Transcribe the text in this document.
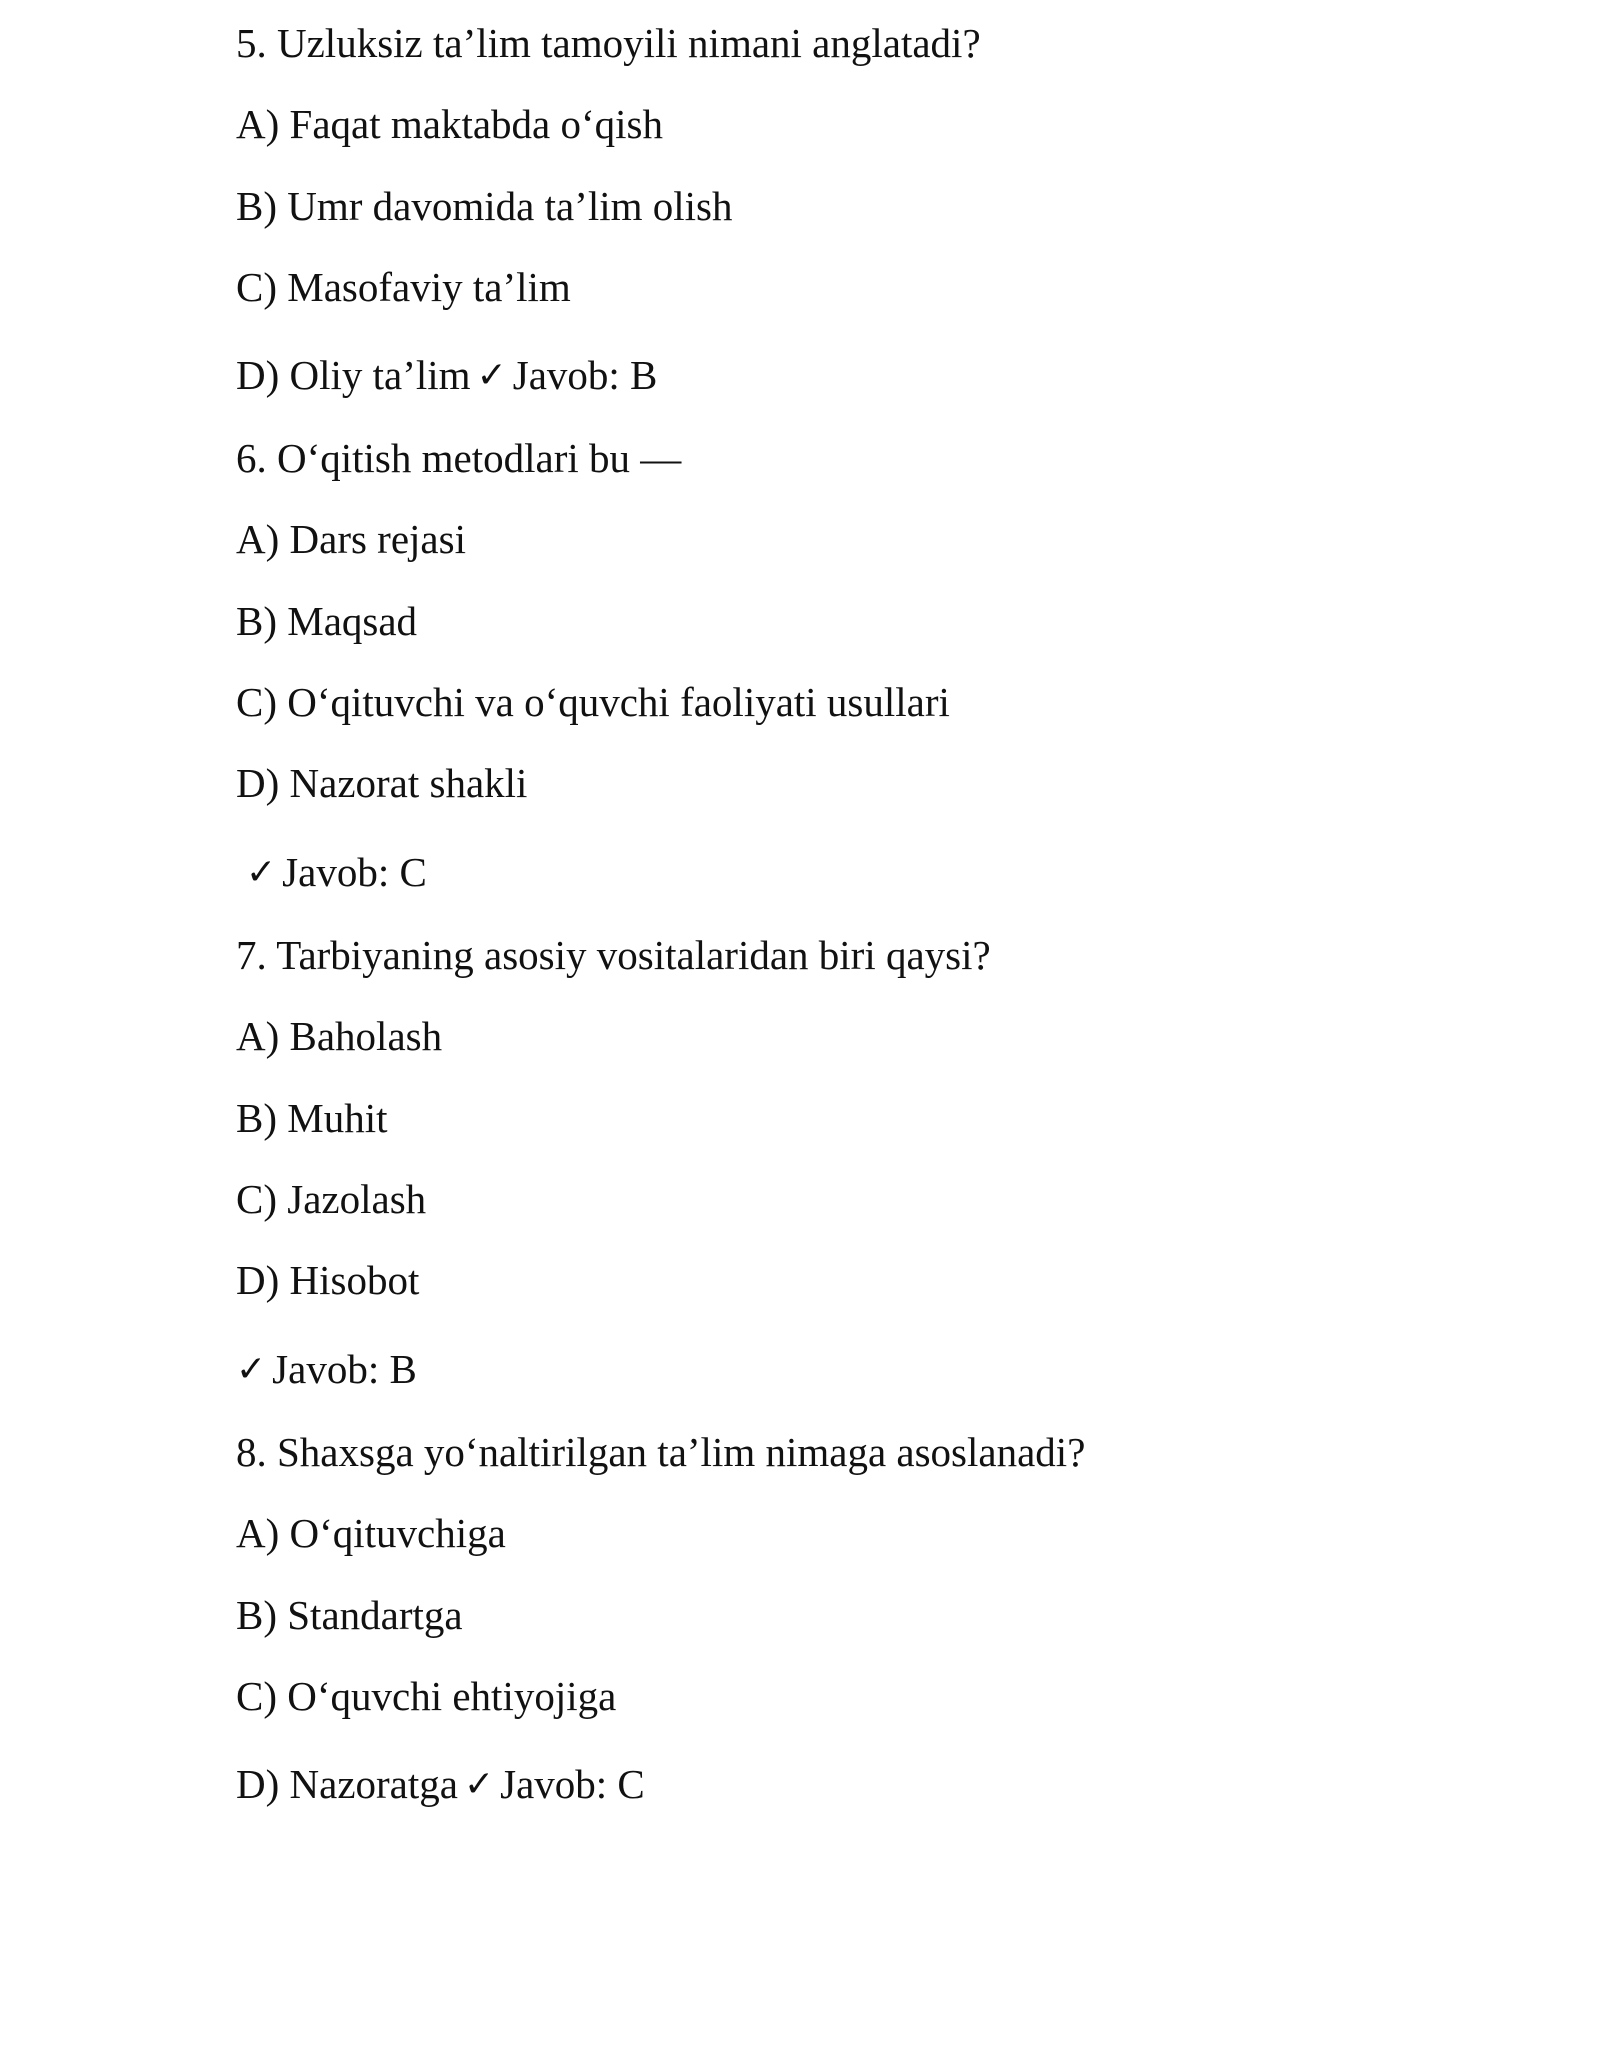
5. Uzluksiz ta’lim tamoyili nimani anglatadi?
A) Faqat maktabda o‘qish
B) Umr davomida ta’lim olish
C) Masofaviy ta’lim
D) Oliy ta’lim ✓ Javob: B
6. O‘qitish metodlari bu —
A) Dars rejasi
B) Maqsad
C) O‘qituvchi va o‘quvchi faoliyati usullari
D) Nazorat shakli
✓ Javob: C
7. Tarbiyaning asosiy vositalaridan biri qaysi?
A) Baholash
B) Muhit
C) Jazolash
D) Hisobot
✓ Javob: B
8. Shaxsga yo‘naltirilgan ta’lim nimaga asoslanadi?
A) O‘qituvchiga
B) Standartga
C) O‘quvchi ehtiyojiga
D) Nazoratga ✓ Javob: C
